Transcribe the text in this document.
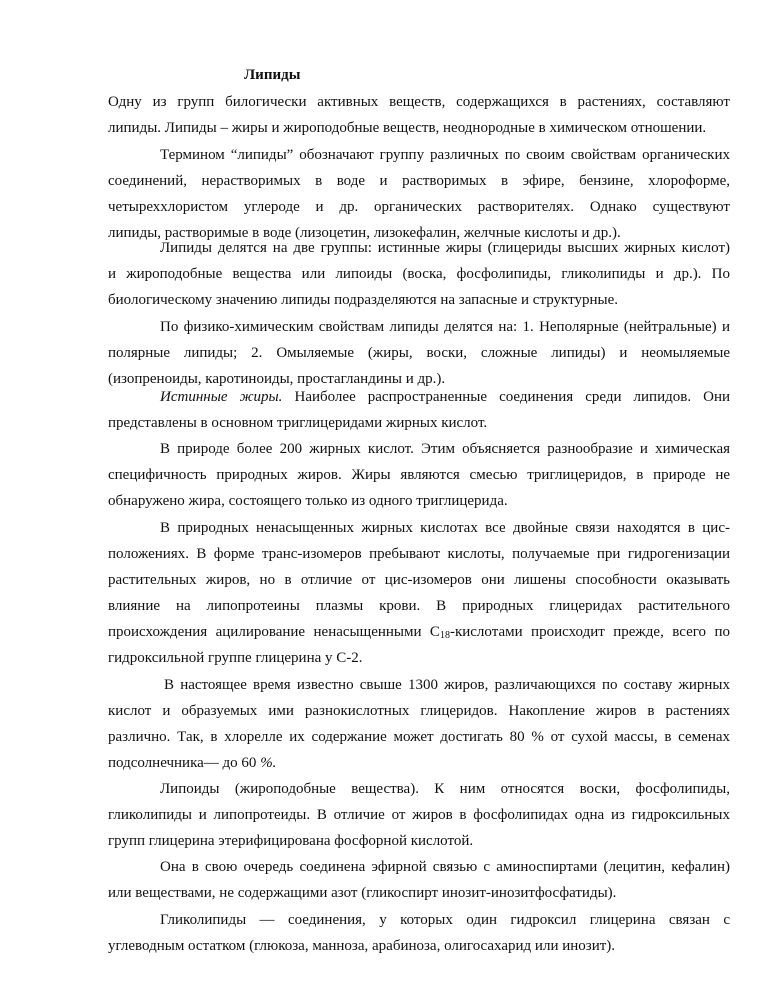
Липиды
Одну из групп билогически активных веществ, содержащихся в растениях, составляют
липиды. Липиды – жиры и жироподобные веществ, неоднородные в химическом отношении.
Термином “липиды” обозначают группу различных по своим свойствам органических
соединений, нерастворимых в воде и растворимых в эфире, бензине, хлороформе,
четыреххлористом углероде и др. органических растворителях. Однако существуют
липиды, растворимые в воде (лизоцетин, лизокефалин, желчные кислоты и др.).
Липиды делятся на две группы: истинные жиры (глицериды высших жирных кислот)
и жироподобные вещества или липоиды (воска, фосфолипиды, гликолипиды и др.). По
биологическому значению липиды подразделяются на запасные и структурные.
По физико-химическим свойствам липиды делятся на: 1. Неполярные (нейтральные) и
полярные липиды; 2. Омыляемые (жиры, воски, сложные липиды) и неомыляемые
(изопреноиды, каротиноиды, простагландины и др.).
Истинные жиры. Наиболее распространенные соединения среди липидов. Они
представлены в основном триглицеридами жирных кислот.
В природе более 200 жирных кислот. Этим объясняется разнообразие и химическая
специфичность природных жиров. Жиры являются смесью триглицеридов, в природе не
обнаружено жира, состоящего только из одного триглицерида.
В природных ненасыщенных жирных кислотах все двойные связи находятся в цис-
положениях. В форме транс-изомеров пребывают кислоты, получаемые при гидрогенизации
растительных жиров, но в отличие от цис-изомеров они лишены способности оказывать
влияние на липопротеины плазмы крови. В природных глицеридах растительного
происхождения ацилирование ненасыщенными $С_{18}$-кислотами происходит прежде, всего по
гидроксильной группе глицерина у С-2.
В настоящее время известно свыше 1300 жиров, различающихся по составу жирных
кислот и образуемых ими разнокислотных глицеридов. Накопление жиров в растениях
различно. Так, в хлорелле их содержание может достигать 80 % от сухой массы, в семенах
подсолнечника— до 60 %.
Липоиды (жироподобные вещества). К ним относятся воски, фосфолипиды,
гликолипиды и липопротеиды. В отличие от жиров в фосфолипидах одна из гидроксильных
групп глицерина этерифицирована фосфорной кислотой.
Она в свою очередь соединена эфирной связью с аминоспиртами (лецитин, кефалин)
или веществами, не содержащими азот (гликоспирт инозит-инозитфосфатиды).
Гликолипиды — соединения, у которых один гидроксил глицерина связан с
углеводным остатком (глюкоза, манноза, арабиноза, олигосахарид или инозит).
